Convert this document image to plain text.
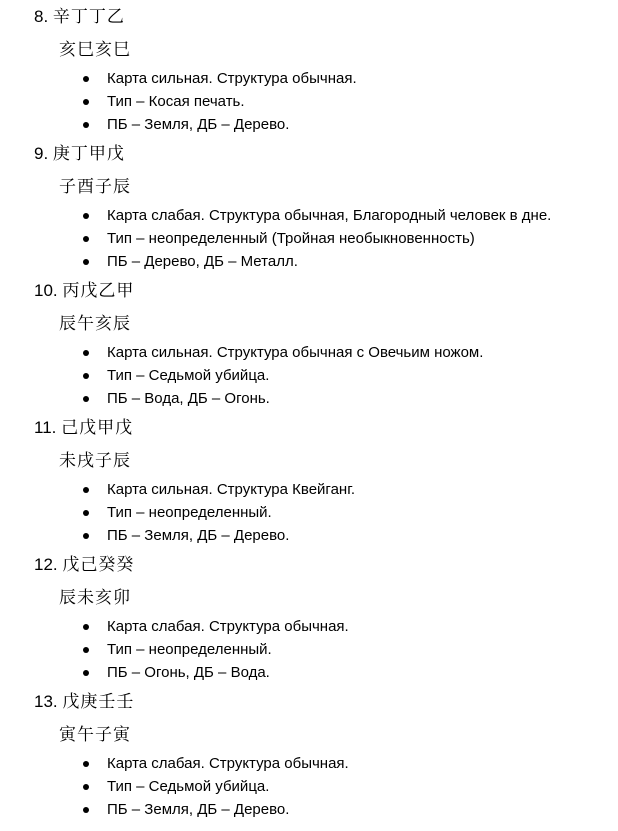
8. 辛丁丁乙
亥巳亥巳
Карта сильная. Структура обычная.
Тип – Косая печать.
ПБ – Земля, ДБ – Дерево.
9. 庚丁甲戊
子酉子辰
Карта слабая. Структура обычная, Благородный человек в дне.
Тип – неопределенный (Тройная необыкновенность)
ПБ – Дерево, ДБ – Металл.
10. 丙戊乙甲
辰午亥辰
Карта сильная. Структура обычная с Овечьим ножом.
Тип – Седьмой убийца.
ПБ – Вода, ДБ – Огонь.
11. 己戊甲戊
未戌子辰
Карта сильная. Структура Квейганг.
Тип – неопределенный.
ПБ – Земля, ДБ – Дерево.
12. 戊己癸癸
辰未亥卯
Карта слабая. Структура обычная.
Тип – неопределенный.
ПБ – Огонь, ДБ – Вода.
13. 戊庚壬壬
寅午子寅
Карта слабая. Структура обычная.
Тип – Седьмой убийца.
ПБ – Земля, ДБ – Дерево.
